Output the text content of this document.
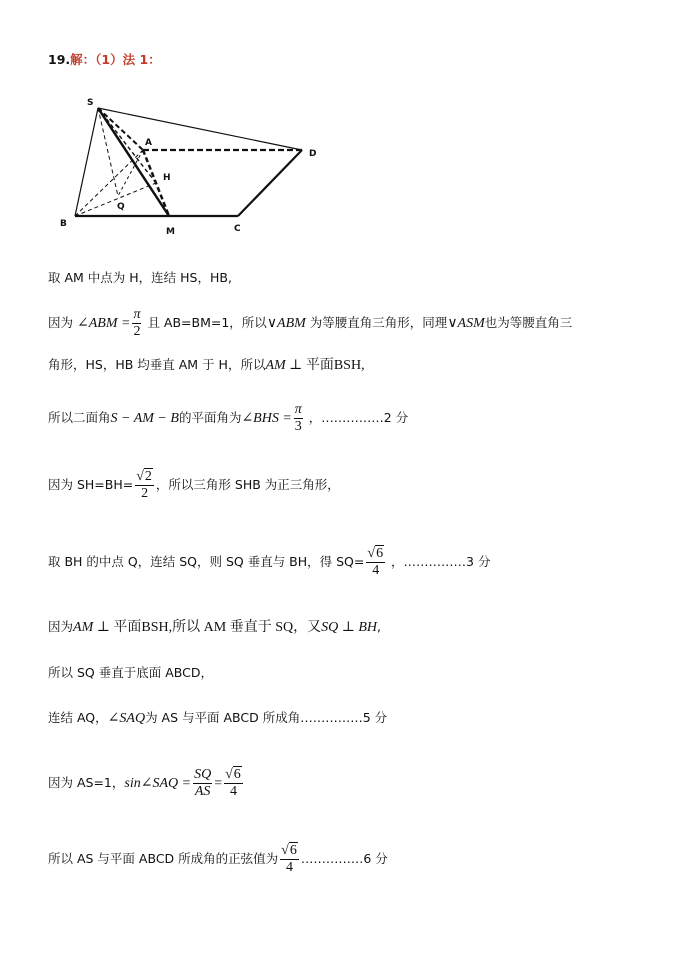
19.解：（1）法 1：
S
A
D
H
Q
B
M	C
取 AM 中点为 H，连结 HS，HB,
因为 ∠ABM = $\frac{\pi}{2}$ 且 AB=BM=1，所以∨ABM 为等腰直角三角形，同理∨ASM也为等腰直角三
角形，HS，HB 均垂直 AM 于 H，所以AM ⊥ 平面BSH,
所以二面角S − AM − B的平面角为∠BHS = $\frac{\pi}{3}$ ，……………2 分
因为 $SH=BH= \frac{√2}{2}$ ，所以三角形 SHB 为正三角形，
取 BH 的中点 Q，连结 SQ，则 SQ 垂直与 BH，得 $SQ= \frac{√6}{4}$ ，……………3 分
因为AM ⊥ 平面BSH,所以 AM 垂直于 SQ，又SQ ⊥ BH,
所以 SQ 垂直于底面 ABCD，
连结 AQ，∠SAQ为 AS 与平面 ABCD 所成角……………5 分
因为 AS=1，sin∠SAQ = $\frac{SQ}{AS} = \frac{√6}{4}$
所以 AS 与平面 ABCD 所成角的正弦值为 $\frac{√6}{4}$ ……………6 分
